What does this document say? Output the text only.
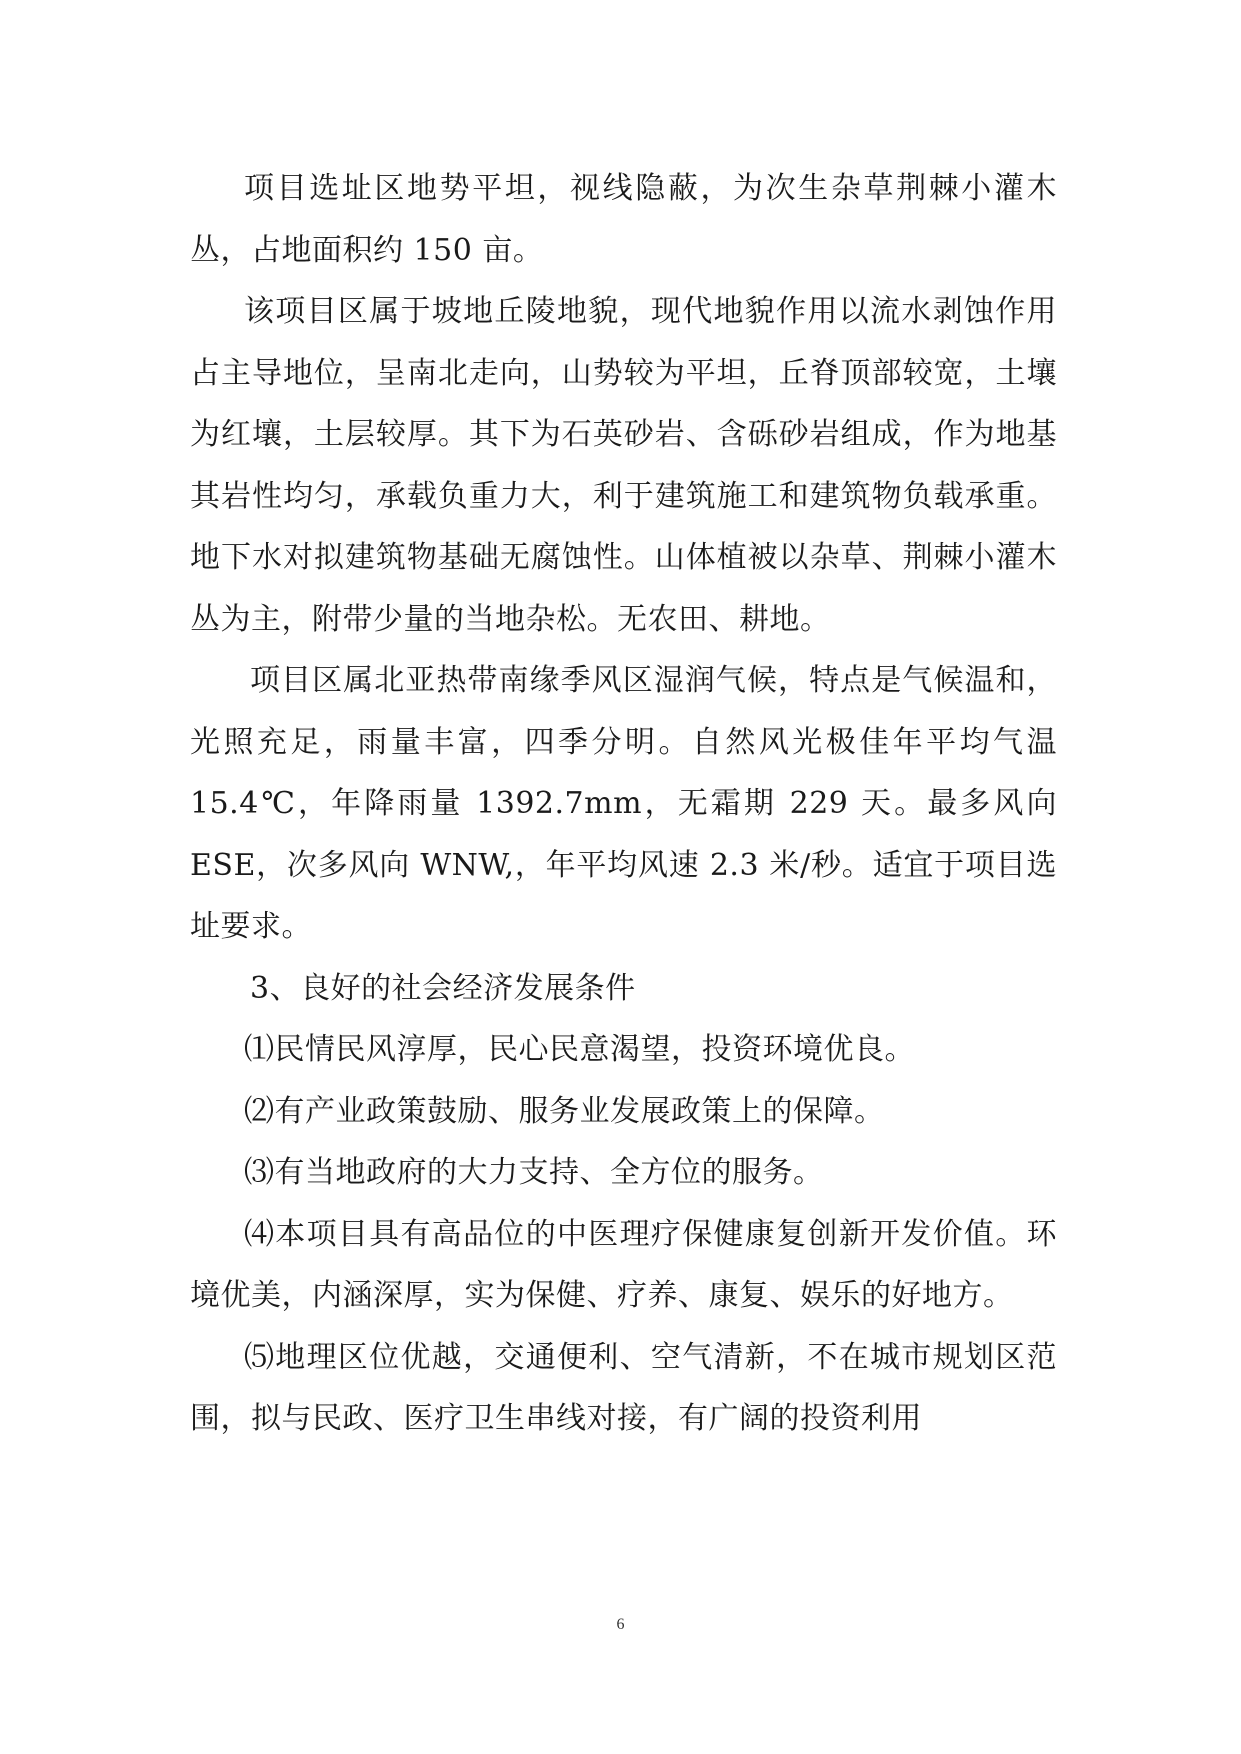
项目选址区地势平坦，视线隐蔽，为次生杂草荆棘小灌木丛，占地面积约 150 亩。

该项目区属于坡地丘陵地貌，现代地貌作用以流水剥蚀作用占主导地位，呈南北走向，山势较为平坦，丘脊顶部较宽，土壤为红壤，土层较厚。其下为石英砂岩、含砾砂岩组成，作为地基其岩性均匀，承载负重力大，利于建筑施工和建筑物负载承重。地下水对拟建筑物基础无腐蚀性。山体植被以杂草、荆棘小灌木丛为主，附带少量的当地杂松。无农田、耕地。

项目区属北亚热带南缘季风区湿润气候，特点是气候温和，光照充足，雨量丰富，四季分明。自然风光极佳年平均气温 15.4℃，年降雨量 1392.7mm，无霜期 229 天。最多风向 ESE，次多风向 WNW,，年平均风速 2.3 米/秒。适宜于项目选址要求。

3、良好的社会经济发展条件

⑴民情民风淳厚，民心民意渴望，投资环境优良。

⑵有产业政策鼓励、服务业发展政策上的保障。

⑶有当地政府的大力支持、全方位的服务。

⑷本项目具有高品位的中医理疗保健康复创新开发价值。环境优美，内涵深厚，实为保健、疗养、康复、娱乐的好地方。

⑸地理区位优越，交通便利、空气清新，不在城市规划区范围，拟与民政、医疗卫生串线对接，有广阔的投资利用

6
